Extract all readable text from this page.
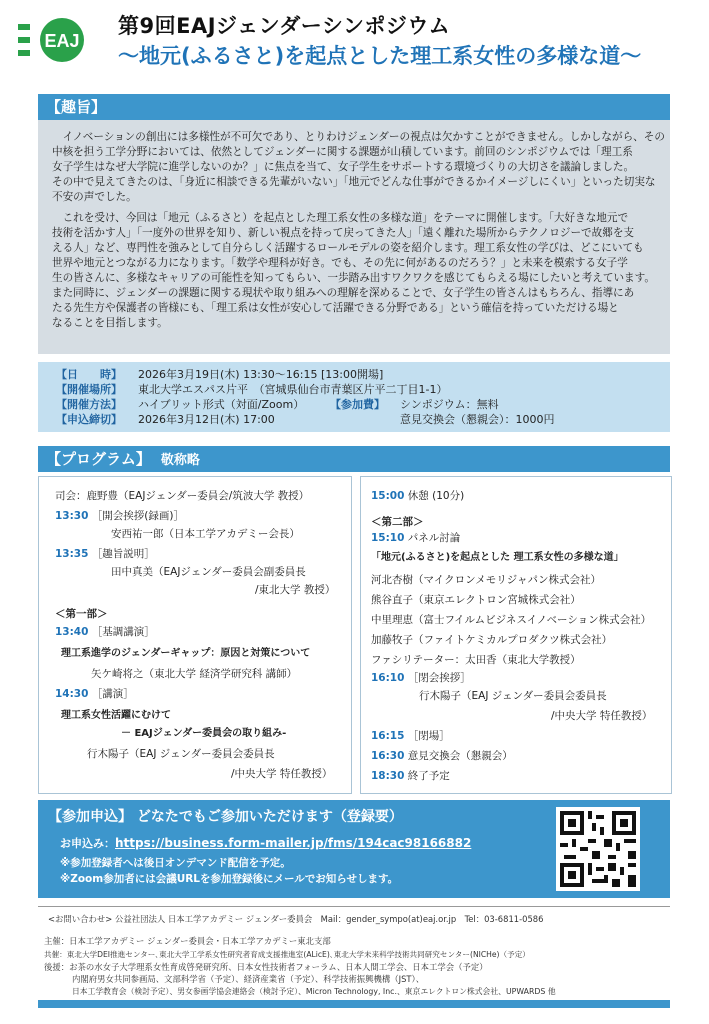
EAJ
第9回EAJジェンダーシンポジウム
～地元(ふるさと)を起点とした理工系女性の多様な道～
【趣旨】

イノベーションの創出には多様性が不可欠であり、とりわけジェンダーの視点は欠かすことができません。しかしながら、その

中核を担う工学分野においては、依然としてジェンダーに関する課題が山積しています。前回のシンポジウムでは「理工系

女子学生はなぜ大学院に進学しないのか？」に焦点を当て、女子学生をサポートする環境づくりの大切さを議論しました。

その中で見えてきたのは、「身近に相談できる先輩がいない」「地元でどんな仕事ができるかイメージしにくい」といった切実な

不安の声でした。

これを受け、今回は「地元（ふるさと）を起点とした理工系女性の多様な道」をテーマに開催します。「大好きな地元で

技術を活かす人」「一度外の世界を知り、新しい視点を持って戻ってきた人」「遠く離れた場所からテクノロジーで故郷を支

える人」など、専門性を強みとして自分らしく活躍するロールモデルの姿を紹介します。理工系女性の学びは、どこにいても

世界や地元とつながる力になります。「数学や理科が好き。でも、その先に何があるのだろう？」と未来を模索する女子学

生の皆さんに、多様なキャリアの可能性を知ってもらい、一歩踏み出すワクワクを感じてもらえる場にしたいと考えています。

また同時に、ジェンダーの課題に関する現状や取り組みへの理解を深めることで、女子学生の皆さんはもちろん、指導にあ

たる先生方や保護者の皆様にも、「理工系は女性が安心して活躍できる分野である」という確信を持っていただける場と

なることを目指します。

【日　　時】 2026年3月19日(木) 13:30～16:15 [13:00開場]
【開催場所】 東北大学エスパス片平　（宮城県仙台市青葉区片平二丁目1-1）
【開催方法】 ハイブリット形式（対面/Zoom） 【参加費】 シンポジウム：無料
【申込締切】 2026年3月12日(木) 17:00	意見交換会（懇親会）：1000円
【プログラム】 敬称略
司会：鹿野豊（EAJジェンダー委員会/筑波大学 教授）
13:30 ［開会挨拶(録画)］
安西祐一郎（日本工学アカデミー会長）
13:35 ［趣旨説明］
田中真美（EAJジェンダー委員会副委員長
/東北大学 教授）
＜第一部＞
13:40 ［基調講演］
理工系進学のジェンダーギャップ：原因と対策について
矢ケ崎将之（東北大学 経済学研究科 講師）
14:30 ［講演］
理工系女性活躍にむけて
－ EAJジェンダー委員会の取り組み-
行木陽子（EAJ ジェンダー委員会委員長
/中央大学 特任教授）
15:00 休憩 (10分)
＜第二部＞
15:10 パネル討論
「地元(ふるさと)を起点とした 理工系女性の多様な道」
河北杏樹（マイクロンメモリジャパン株式会社）
熊谷直子（東京エレクトロン宮城株式会社）
中里理恵（富士フイルムビジネスイノベーション株式会社）
加藤牧子（ファイトケミカルプロダクツ株式会社）
ファシリテーター：太田香（東北大学教授）
16:10 ［閉会挨拶］
行木陽子（EAJ ジェンダー委員会委員長
/中央大学 特任教授）
16:15 ［閉場］
16:30 意見交換会（懇親会）
18:30 終了予定
【参加申込】 どなたでもご参加いただけます（登録要）
お申込み：https://business.form-mailer.jp/fms/194cac98166882
※参加登録者へは後日オンデマンド配信を予定。
※Zoom参加者には会議URLを参加登録後にメールでお知らせします。
<お問い合わせ> 公益社団法人 日本工学アカデミー ジェンダー委員会　Mail：gender_sympo(at)eaj.or.jp　Tel：03-6811-0586
主催：日本工学アカデミー ジェンダー委員会・日本工学アカデミー東北支部
共催：東北大学DEI推進センター､東北大学工学系女性研究者育成支援推進室(ALicE)､東北大学未来科学技術共同研究センター(NICHe)（予定）
後援：お茶の水女子大学理系女性育成啓発研究所、日本女性技術者フォーラム、日本人間工学会、日本工学会（予定）
内閣府男女共同参画局、文部科学省（予定）、経済産業省（予定）、科学技術振興機構（JST）、
日本工学教育会（検討予定）、男女参画学協会連絡会（検討予定）、Micron Technology, Inc.、東京エレクトロン株式会社、UPWARDS 他
